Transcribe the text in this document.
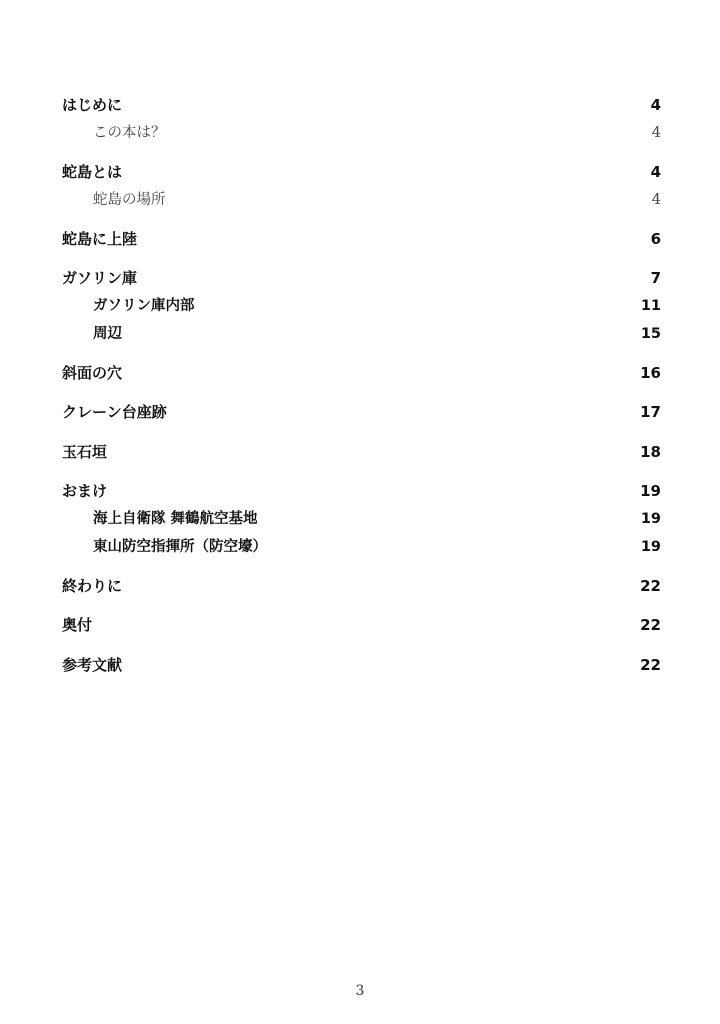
はじめに	4
この本は？	4
蛇島とは	4
蛇島の場所	4
蛇島に上陸	6
ガソリン庫	7
ガソリン庫内部	11
周辺	15
斜面の穴	16
クレーン台座跡	17
玉石垣	18
おまけ	19
海上自衛隊 舞鶴航空基地	19
東山防空指揮所（防空壕）	19
終わりに	22
奥付	22
参考文献	22
3
